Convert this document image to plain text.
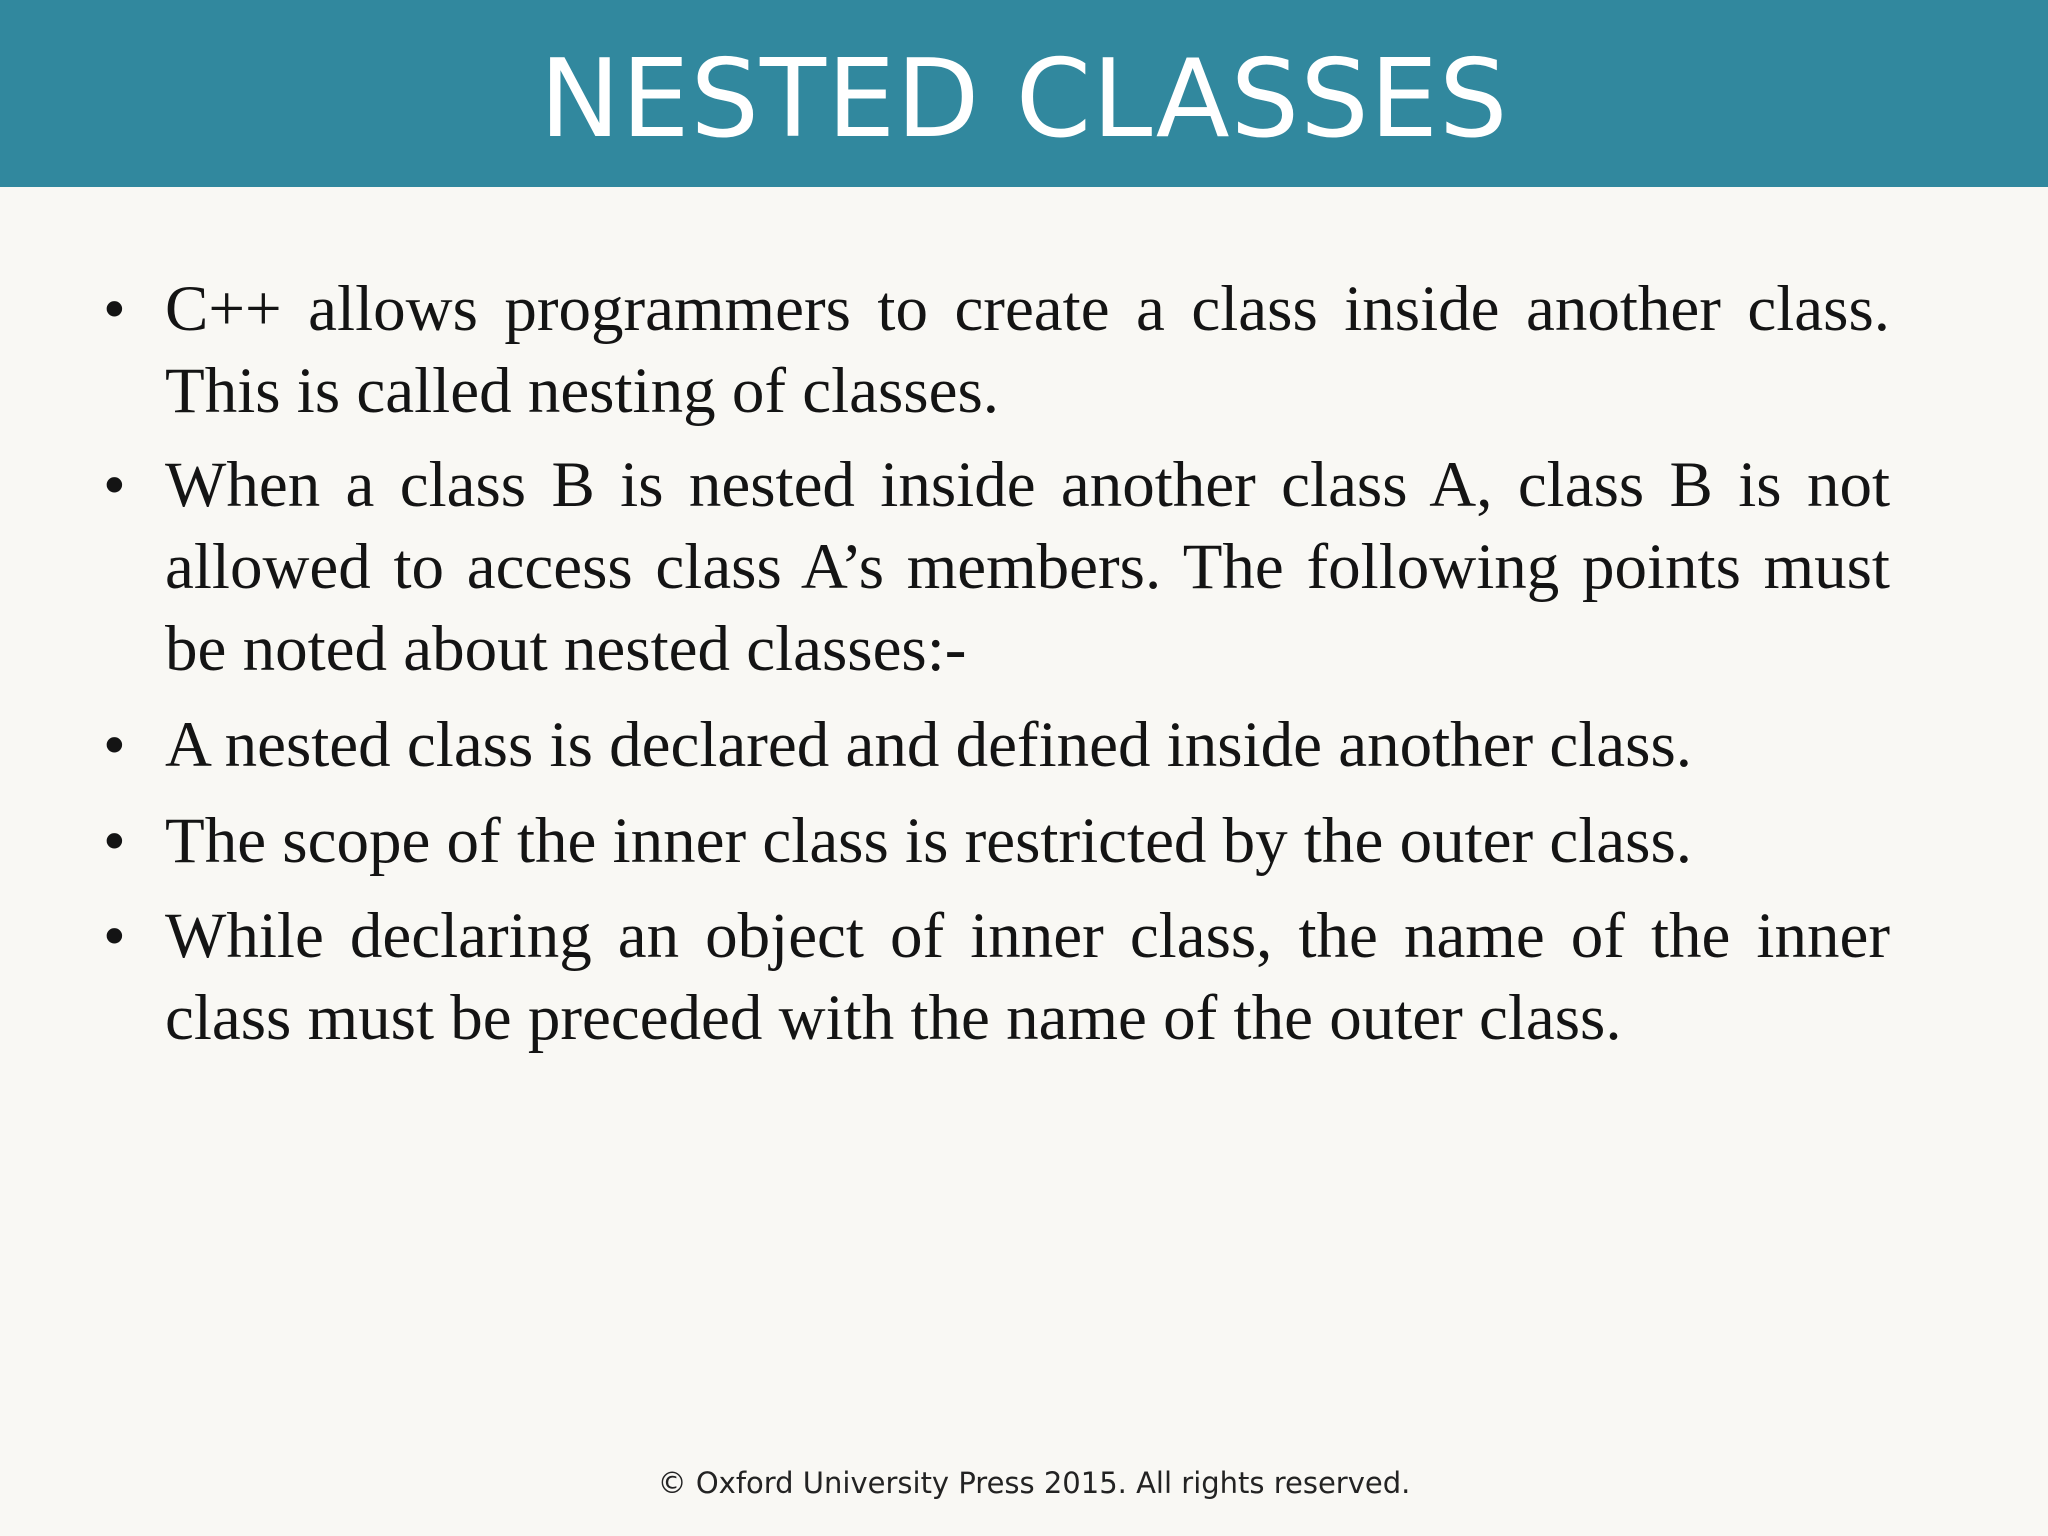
NESTED CLASSES
• C++ allows programmers to create a class inside another class. This is called nesting of classes.
• When a class B is nested inside another class A, class B is not allowed to access class A’s members. The following points must be noted about nested classes:-
• A nested class is declared and defined inside another class.
• The scope of the inner class is restricted by the outer class.
• While declaring an object of inner class, the name of the inner class must be preceded with the name of the outer class.
© Oxford University Press 2015. All rights reserved.
